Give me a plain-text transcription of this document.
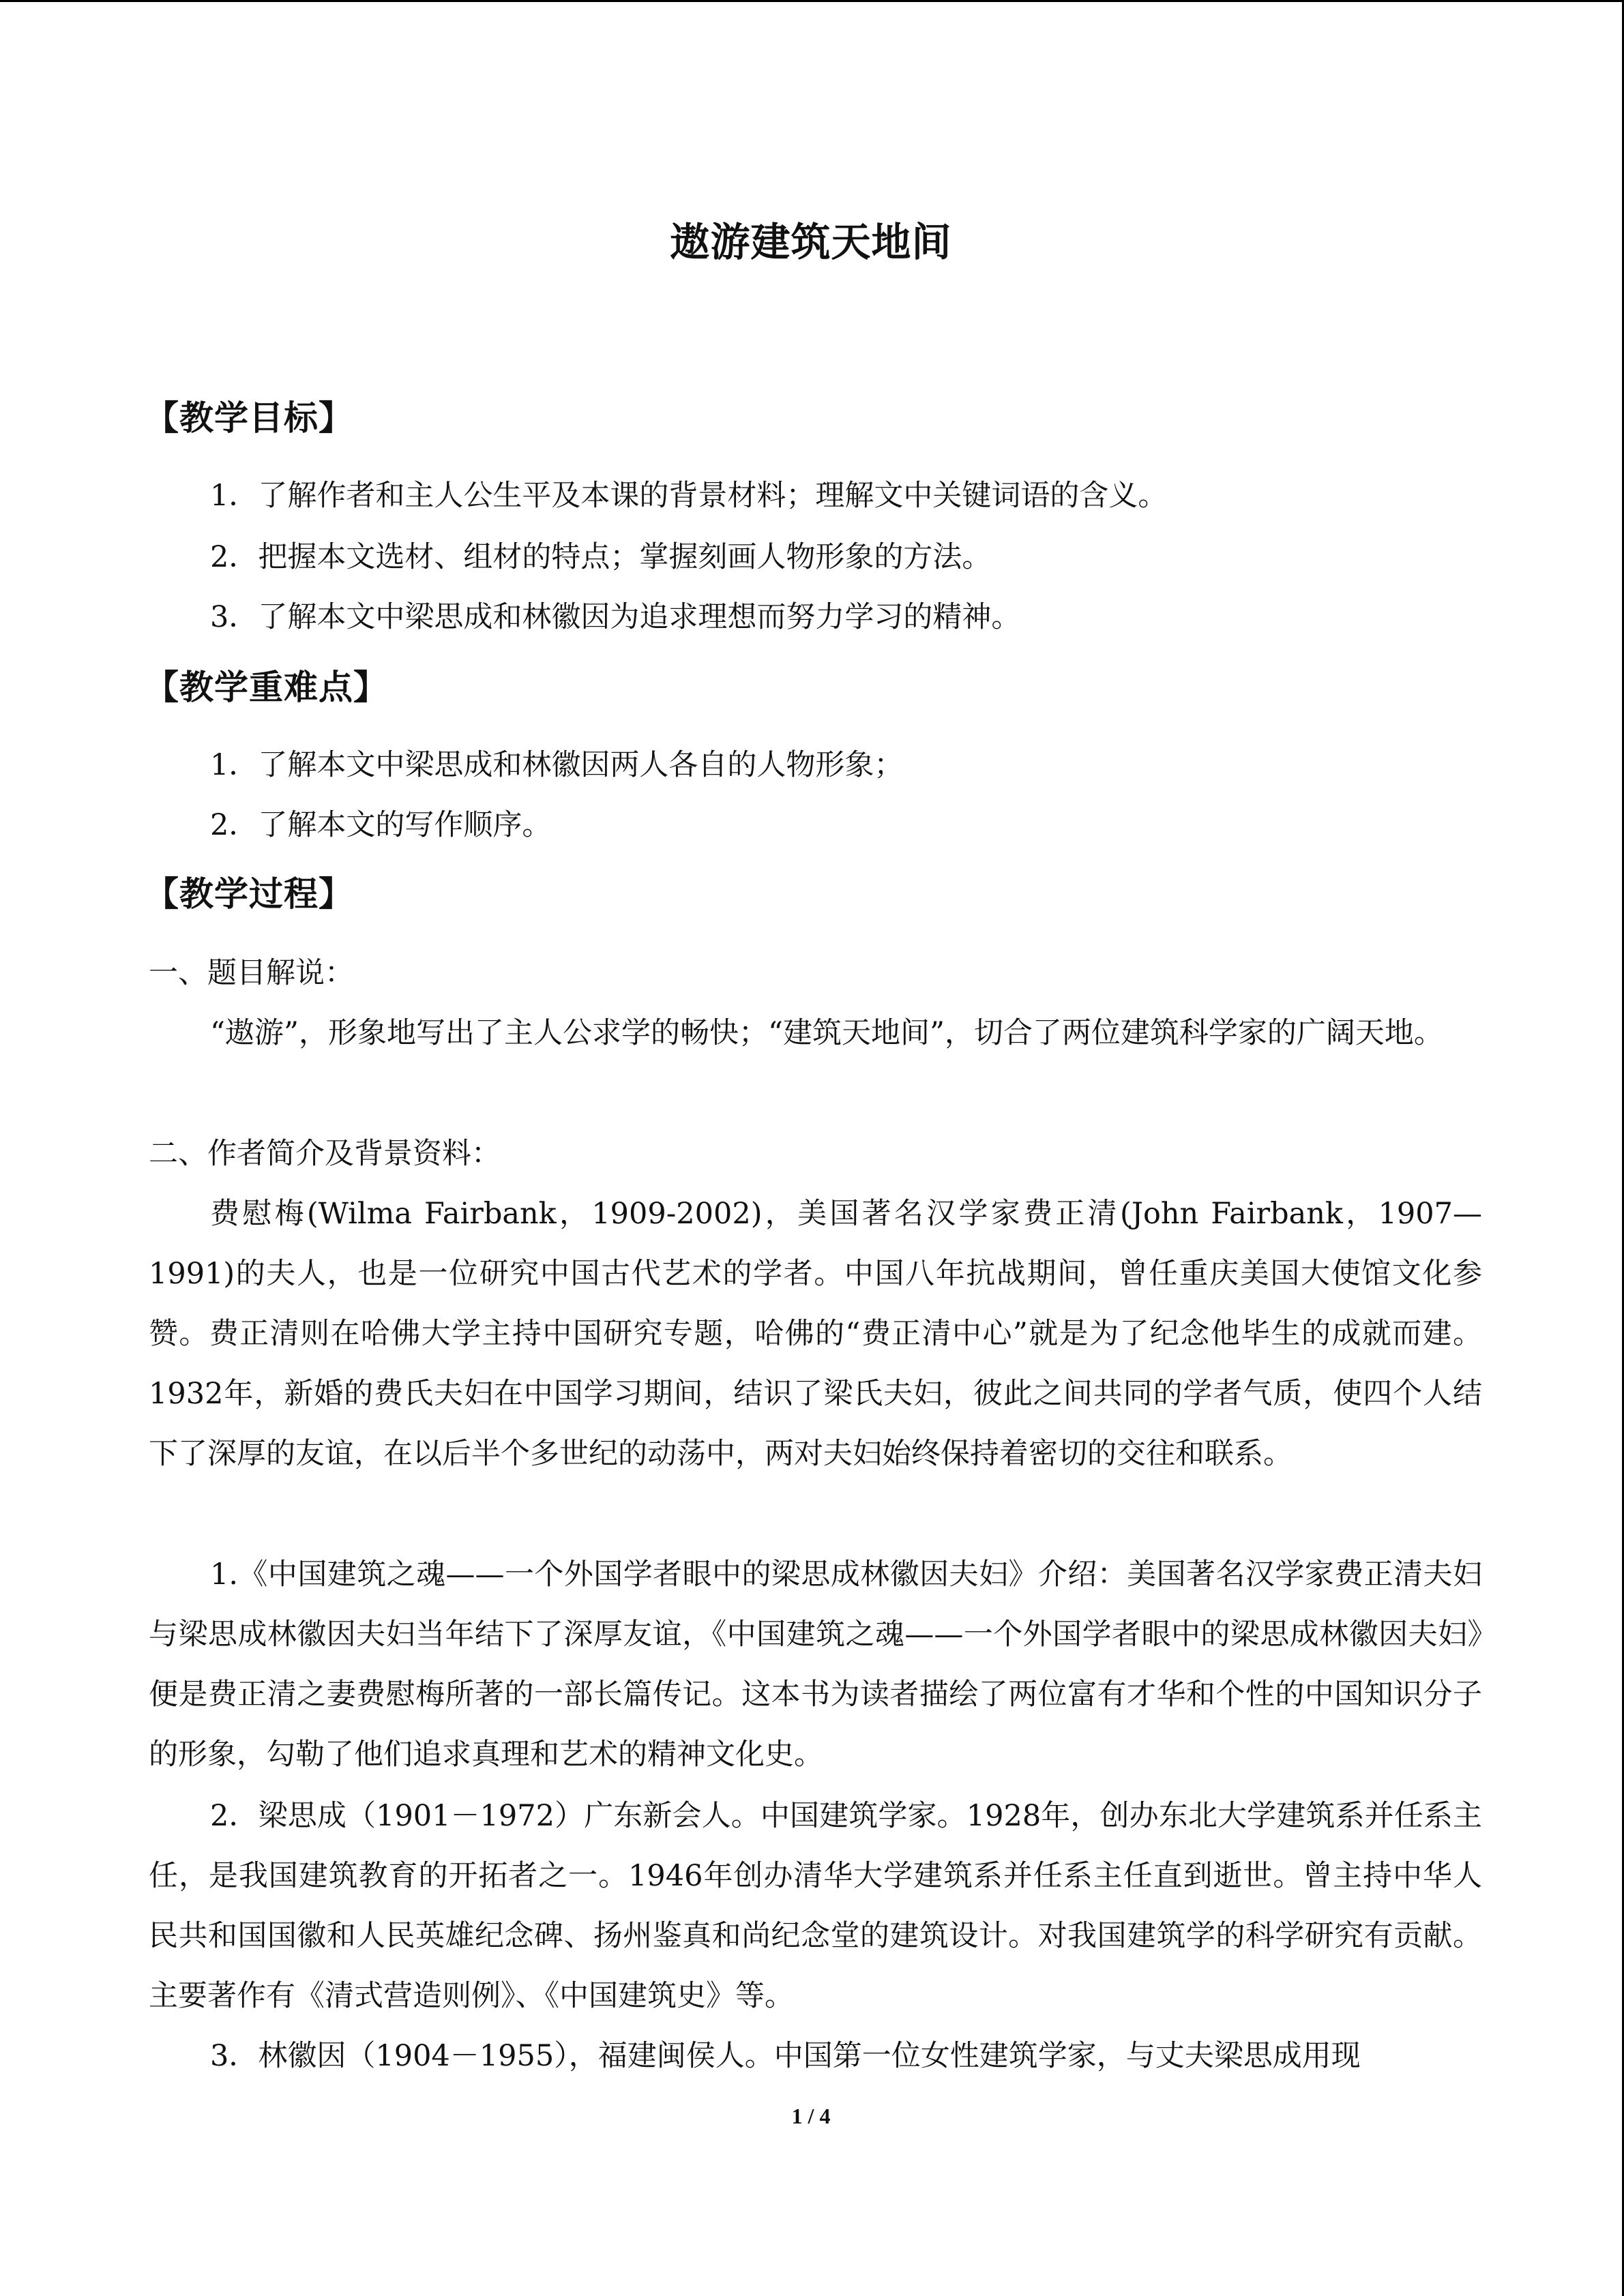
遨游建筑天地间
【教学目标】
1．了解作者和主人公生平及本课的背景材料；理解文中关键词语的含义。
2．把握本文选材、组材的特点；掌握刻画人物形象的方法。
3．了解本文中梁思成和林徽因为追求理想而努力学习的精神。
【教学重难点】
1．了解本文中梁思成和林徽因两人各自的人物形象；
2．了解本文的写作顺序。
【教学过程】
一、题目解说：
“遨游”，形象地写出了主人公求学的畅快；“建筑天地间”，切合了两位建筑科学家的广阔天地。
二、作者简介及背景资料：
费慰梅(Wilma Fairbank，1909-2002)，美国著名汉学家费正清(John Fairbank，1907—1991)的夫人，也是一位研究中国古代艺术的学者。中国八年抗战期间，曾任重庆美国大使馆文化参赞。费正清则在哈佛大学主持中国研究专题，哈佛的“费正清中心”就是为了纪念他毕生的成就而建。1932年，新婚的费氏夫妇在中国学习期间，结识了梁氏夫妇，彼此之间共同的学者气质，使四个人结下了深厚的友谊，在以后半个多世纪的动荡中，两对夫妇始终保持着密切的交往和联系。
1.《中国建筑之魂——一个外国学者眼中的梁思成林徽因夫妇》介绍：美国著名汉学家费正清夫妇与梁思成林徽因夫妇当年结下了深厚友谊，《中国建筑之魂——一个外国学者眼中的梁思成林徽因夫妇》便是费正清之妻费慰梅所著的一部长篇传记。这本书为读者描绘了两位富有才华和个性的中国知识分子的形象，勾勒了他们追求真理和艺术的精神文化史。
2．梁思成（1901－1972）广东新会人。中国建筑学家。1928年，创办东北大学建筑系并任系主任，是我国建筑教育的开拓者之一。1946年创办清华大学建筑系并任系主任直到逝世。曾主持中华人民共和国国徽和人民英雄纪念碑、扬州鉴真和尚纪念堂的建筑设计。对我国建筑学的科学研究有贡献。主要著作有《清式营造则例》、《中国建筑史》等。
3．林徽因（1904－1955），福建闽侯人。中国第一位女性建筑学家，与丈夫梁思成用现
1 / 4
